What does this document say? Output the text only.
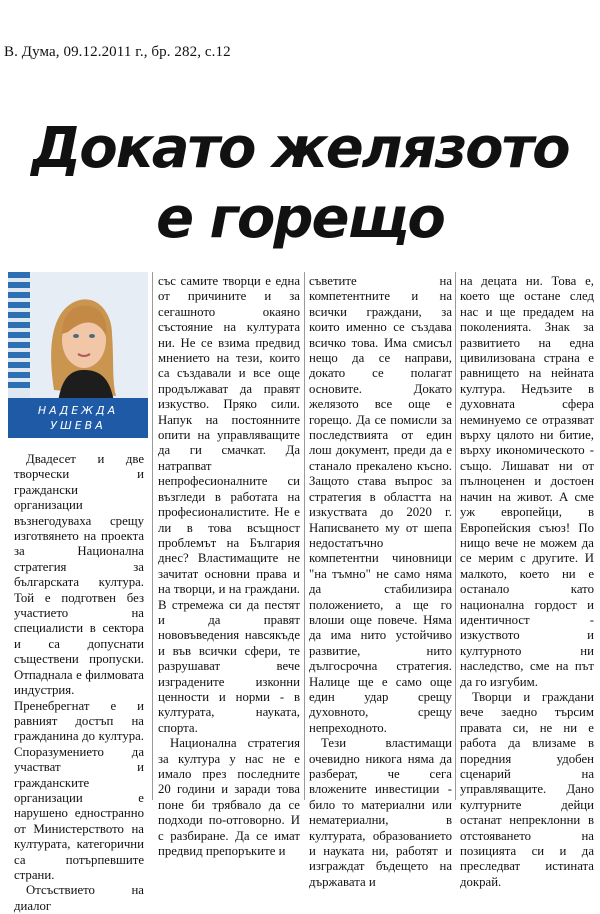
В. Дума, 09.12.2011 г., бр. 282, с.12
Докато желязото
е горещо
НАДЕЖДА
УШЕВА

Двадесет и две творчески и граждански организации възнегодуваха срещу изготвянето на проекта за Национална стратегия за българската култура. Той е подготвен без участието на специалисти в сектора и са допуснати съществени пропуски. Отпаднала е филмовата индустрия. Пренебрегнат е и равният достъп на гражданина до култура. Споразумението да участват и гражданските организации е нарушено едностранно от Министерството на културата, категорични са потърпевшите страни.

Отсъствието на диалог

със самите творци е една от причините и за сегашното окаяно състояние на културата ни. Не се взима предвид мнението на тези, които са създавали и все още продължават да правят изкуство. Пряко сили. Напук на постоянните опити на управляващите да ги смачкат. Да натрапват непрофесионалните си възгледи в работата на професионалистите. Не е ли в това всъщност проблемът на България днес? Властимащите не зачитат основни права и на творци, и на граждани. В стремежа си да пестят и да правят нововъведения навсякъде и във всички сфери, те разрушават вече изградените изконни ценности и норми - в културата, науката, спорта.

Национална стратегия за култура у нас не е имало през последните 20 години и заради това поне би трябвало да се подходи по-отговорно. И с разбиране. Да се имат предвид препоръките и

съветите на компетентните и на всички граждани, за които именно се създава всичко това. Има смисъл нещо да се направи, докато се полагат основите. Докато желязото все още е горещо. Да се помисли за последствията от един лош документ, преди да е станало прекалено късно. Защото става въпрос за стратегия в областта на изкуствата до 2020 г. Написването му от шепа недостатъчно компетентни чиновници "на тъмно" не само няма да стабилизира положението, а ще го влоши още повече. Няма да има нито устойчиво развитие, нито дългосрочна стратегия. Налице ще е само още един удар срещу духовното, срещу непреходното.

Тези властимащи очевидно никога няма да разберат, че сега вложените инвестиции - било то материални или нематериални, в културата, образованието и науката ни, работят и изграждат бъдещето на държавата и

на децата ни. Това е, което ще остане след нас и ще предадем на поколенията. Знак за развитието на една цивилизована страна е равнището на нейната култура. Недъзите в духовната сфера неминуемо се отразяват върху цялото ни битие, върху икономическото - също. Лишават ни от пълноценен и достоен начин на живот. А сме уж европейци, в Европейския съюз! По нищо вече не можем да се мерим с другите. И малкото, което ни е останало като национална гордост и идентичност - изкуството и културното ни наследство, сме на път да го изгубим.

Творци и граждани вече заедно търсим правата си, не ни е работа да влизаме в поредния удобен сценарий на управляващите. Дано културните дейци останат непреклонни в отстояването на позицията си и да преследват истината докрай.
